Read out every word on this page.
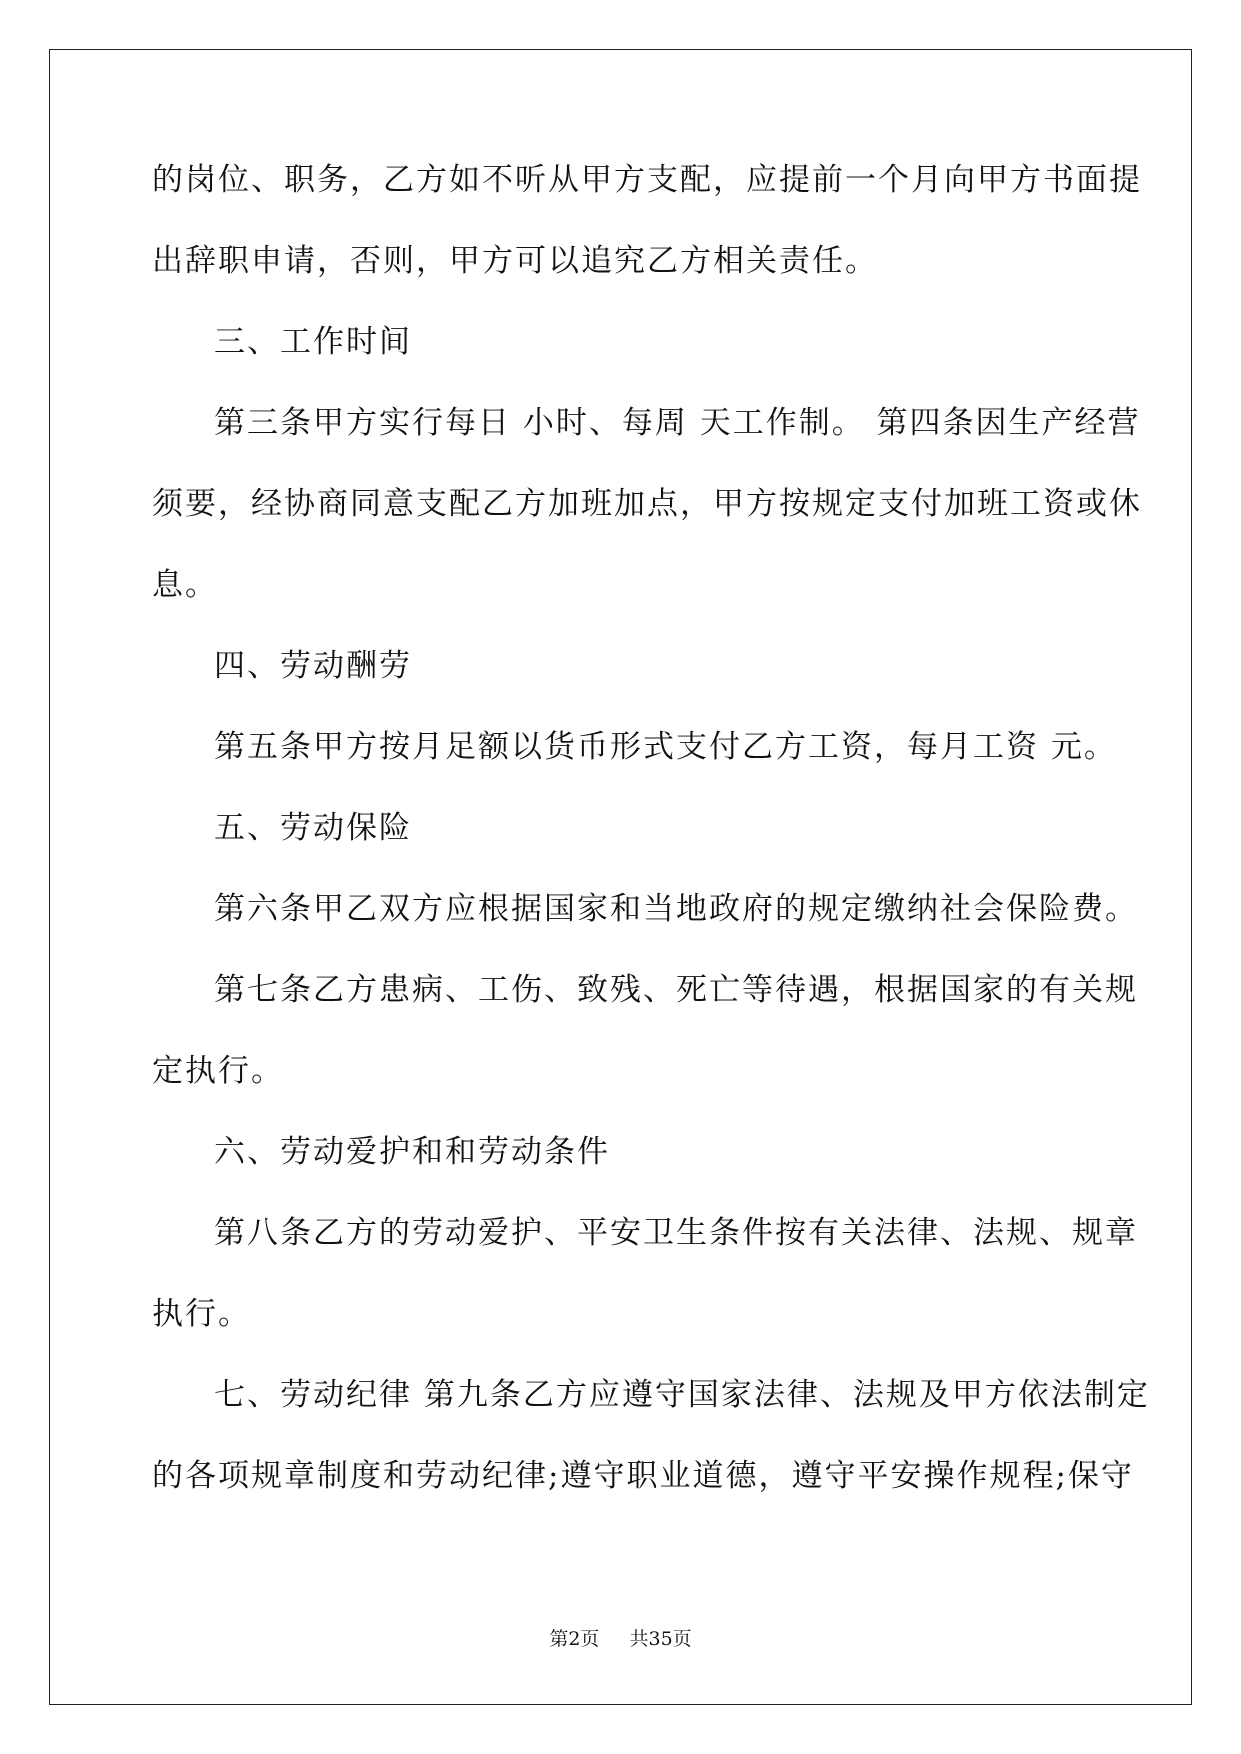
的岗位、职务，乙方如不听从甲方支配，应提前一个月向甲方书面提

出辞职申请，否则，甲方可以追究乙方相关责任。

三、工作时间

第三条甲方实行每日 小时、每周 天工作制。 第四条因生产经营

须要，经协商同意支配乙方加班加点，甲方按规定支付加班工资或休

息。

四、劳动酬劳

第五条甲方按月足额以货币形式支付乙方工资，每月工资 元。

五、劳动保险

第六条甲乙双方应根据国家和当地政府的规定缴纳社会保险费。

第七条乙方患病、工伤、致残、死亡等待遇，根据国家的有关规

定执行。

六、劳动爱护和和劳动条件

第八条乙方的劳动爱护、平安卫生条件按有关法律、法规、规章

执行。

七、劳动纪律 第九条乙方应遵守国家法律、法规及甲方依法制定

的各项规章制度和劳动纪律;遵守职业道德，遵守平安操作规程;保守

第2页 共35页
